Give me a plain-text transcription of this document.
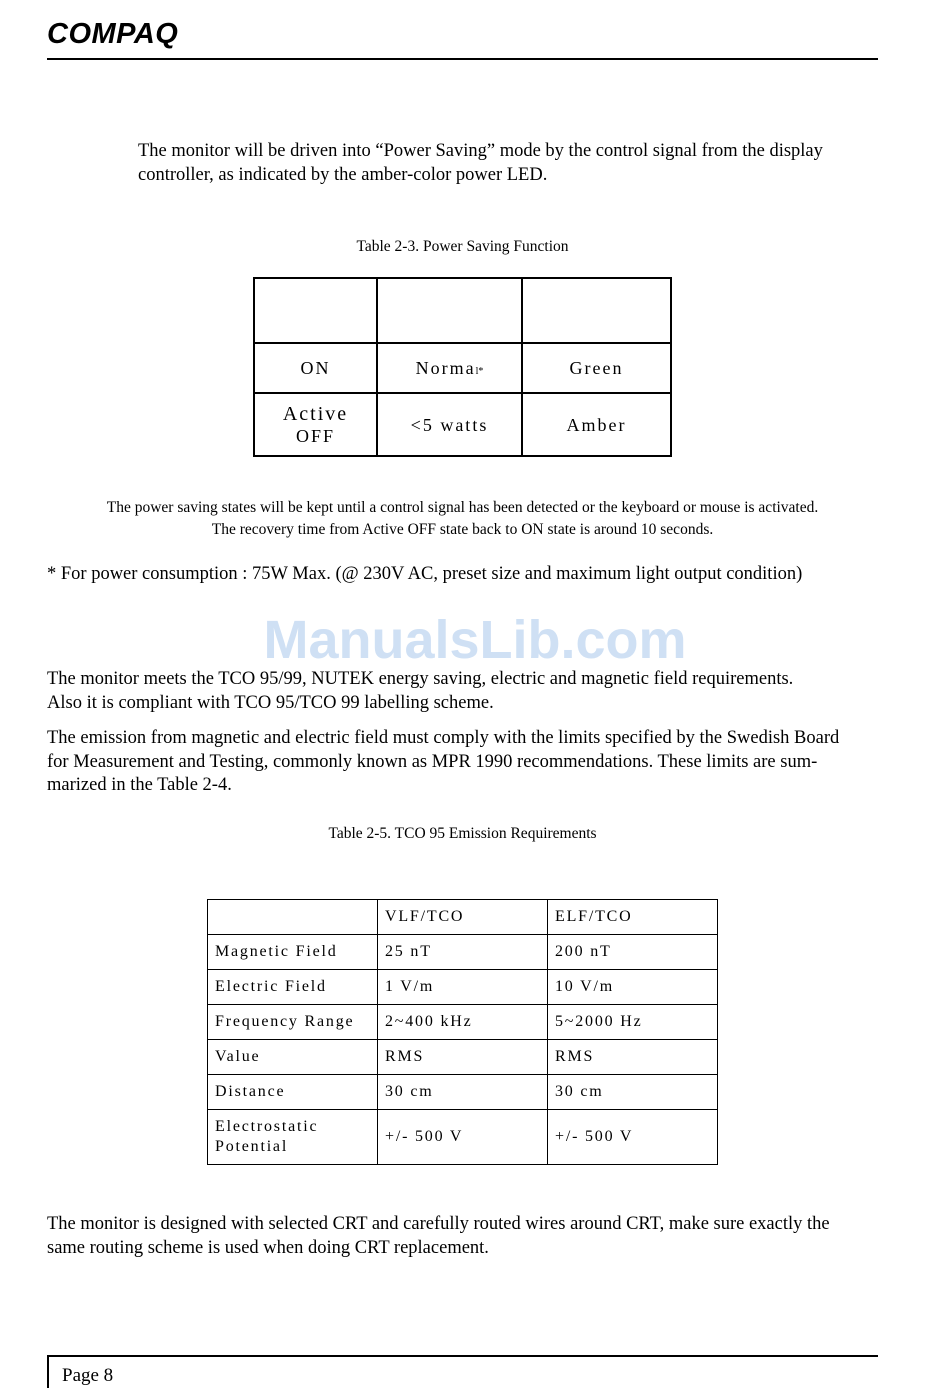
COMPAQ
The monitor will be driven into “Power Saving” mode by the control signal from the display
controller, as indicated by the amber-color power LED.
Table 2-3. Power Saving Function

ON	Normal*	Green

Active
OFF	<5 watts	Amber
The power saving states will be kept until a control signal has been detected or the keyboard or mouse is activated.
The recovery time from Active OFF state back to ON state is around 10 seconds.
* For power consumption : 75W Max. (@ 230V AC, preset size and maximum light output condition)
ManualsLib.com
The monitor meets the TCO 95/99, NUTEK energy saving, electric and magnetic field requirements.
Also it is compliant with TCO 95/TCO 99 labelling scheme.
The emission from magnetic and electric field must comply with the limits specified by the Swedish Board
for Measurement and Testing, commonly known as MPR 1990 recommendations. These limits are sum-
marized in the Table 2-4.
Table 2-5. TCO 95 Emission Requirements
	VLF/TCO	ELF/TCO
Magnetic Field	25 nT	200 nT
Electric Field	1 V/m	10 V/m
Frequency Range	2~400 kHz	5~2000 Hz
Value	RMS	RMS
Distance	30 cm	30 cm

Electrostatic
Potential	+/- 500 V	+/- 500 V
The monitor is designed with selected CRT and carefully routed wires around CRT, make sure exactly the
same routing scheme is used when doing CRT replacement.
Page 8
